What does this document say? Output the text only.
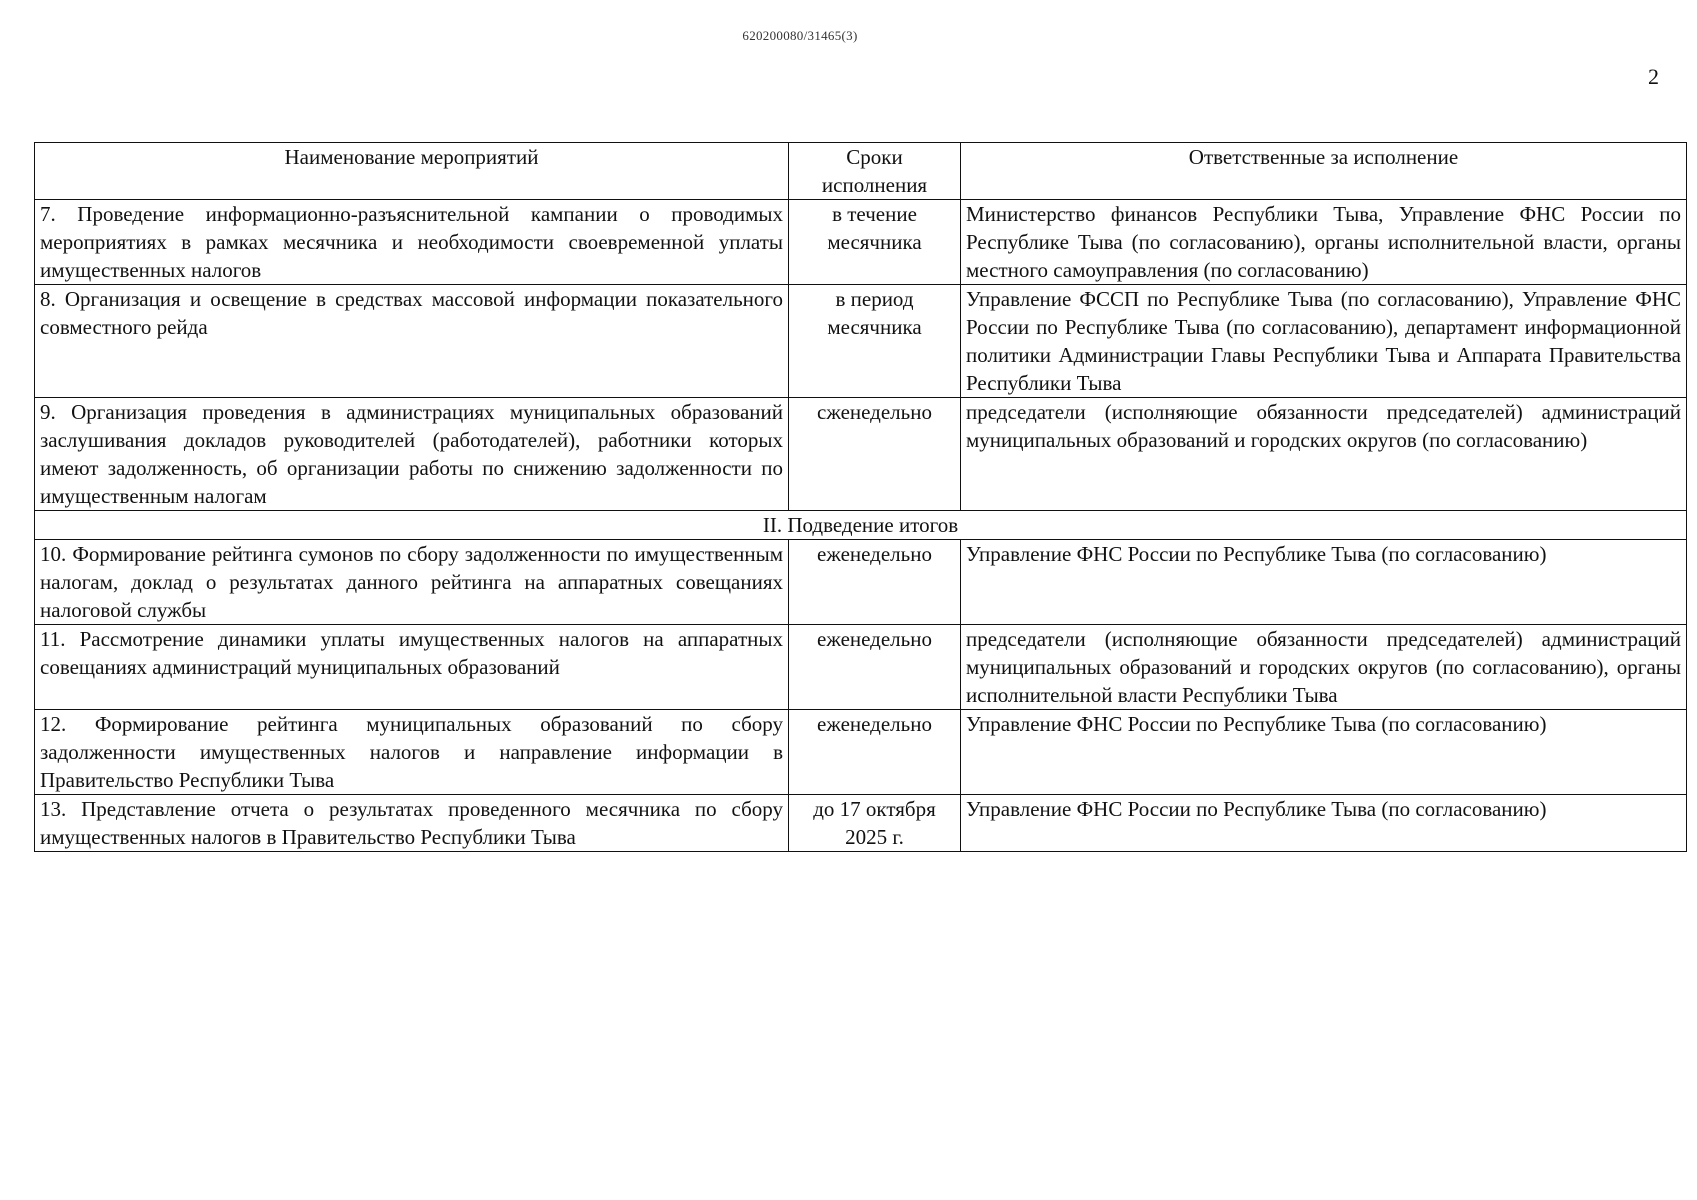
620200080/31465(3)
2
Наименование мероприятий	Сроки исполнения	Ответственные за исполнение
7. Проведение информационно-разъяснительной кампании о проводимых мероприятиях в рамках месячника и необходимости своевременной уплаты имущественных налогов	в течение месячника	Министерство финансов Республики Тыва, Управление ФНС России по Республике Тыва (по согласованию), органы исполнительной власти, органы местного самоуправления (по согласованию)
8. Организация и освещение в средствах массовой информации показательного совместного рейда	в период месячника	Управление ФССП по Республике Тыва (по согласованию), Управление ФНС России по Республике Тыва (по согласованию), департамент информационной политики Администрации Главы Республики Тыва и Аппарата Правительства Республики Тыва
9. Организация проведения в администрациях муниципальных образований заслушивания докладов руководителей (работодателей), работники которых имеют задолженность, об организации работы по снижению задолженности по имущественным налогам	сженедельно	председатели (исполняющие обязанности председателей) администраций муниципальных образований и городских округов (по согласованию)
II. Подведение итогов		
10. Формирование рейтинга сумонов по сбору задолженности по имущественным налогам, доклад о результатах данного рейтинга на аппаратных совещаниях налоговой службы	еженедельно	Управление ФНС России по Республике Тыва (по согласованию)
11. Рассмотрение динамики уплаты имущественных налогов на аппаратных совещаниях администраций муниципальных образований	еженедельно	председатели (исполняющие обязанности председателей) администраций муниципальных образований и городских округов (по согласованию), органы исполнительной власти Республики Тыва
12. Формирование рейтинга муниципальных образований по сбору задолженности имущественных налогов и направление информации в Правительство Республики Тыва	еженедельно	Управление ФНС России по Республике Тыва (по согласованию)
13. Представление отчета о результатах проведенного месячника по сбору имущественных налогов в Правительство Республики Тыва	до 17 октября 2025 г.	Управление ФНС России по Республике Тыва (по согласованию)
